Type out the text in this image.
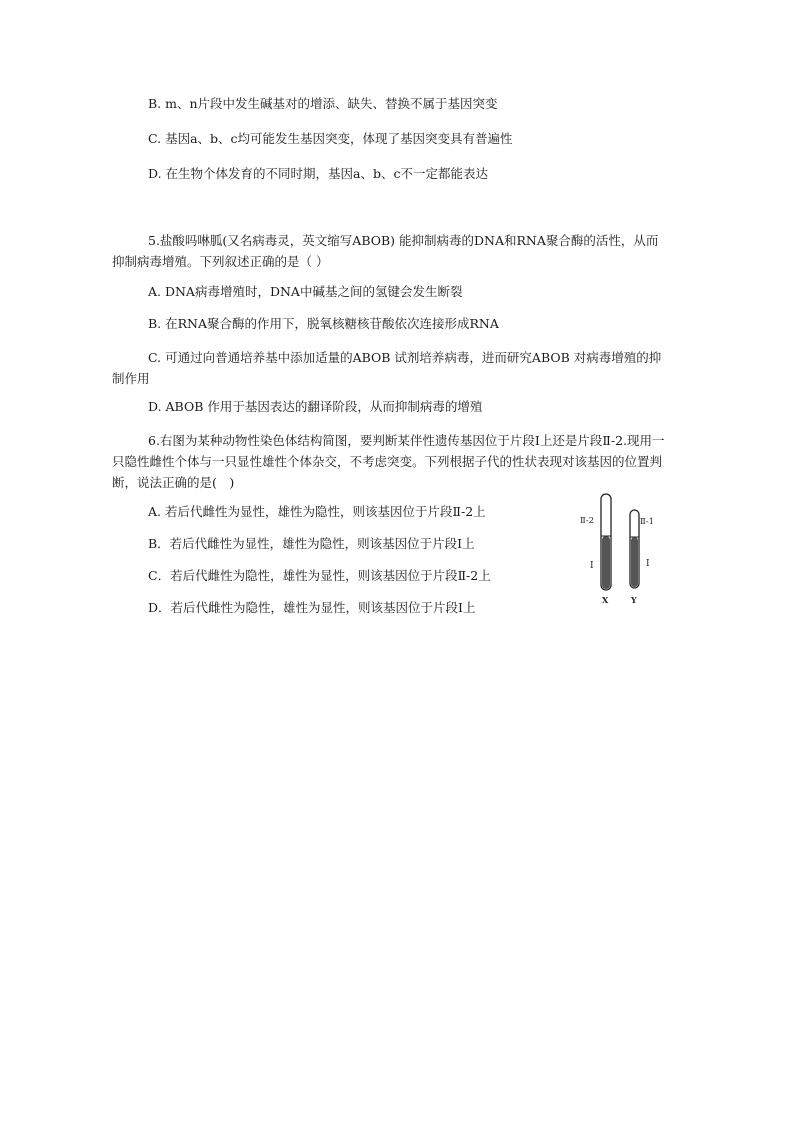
B. m、n片段中发生碱基对的增添、缺失、替换不属于基因突变
C. 基因a、b、c均可能发生基因突变，体现了基因突变具有普遍性
D. 在生物个体发育的不同时期，基因a、b、c不一定都能表达
5.盐酸吗啉胍(又名病毒灵，英文缩写ABOB) 能抑制病毒的DNA和RNA聚合酶的活性，从而抑制病毒增殖。下列叙述正确的是（ ）
A. DNA病毒增殖时，DNA中碱基之间的氢键会发生断裂
B. 在RNA聚合酶的作用下，脱氧核糖核苷酸依次连接形成RNA
C. 可通过向普通培养基中添加适量的ABOB 试剂培养病毒，进而研究ABOB 对病毒增殖的抑制作用
D. ABOB 作用于基因表达的翻译阶段，从而抑制病毒的增殖
6.右图为某种动物性染色体结构简图，要判断某伴性遗传基因位于片段Ⅰ上还是片段Ⅱ-2.现用一只隐性雌性个体与一只显性雄性个体杂交，不考虑突变。下列根据子代的性状表现对该基因的位置判断，说法正确的是(　)
A. 若后代雌性为显性，雄性为隐性，则该基因位于片段Ⅱ-2上
B．若后代雌性为显性，雄性为隐性，则该基因位于片段Ⅰ上
C．若后代雌性为隐性，雄性为显性，则该基因位于片段Ⅱ-2上
D．若后代雌性为隐性，雄性为显性，则该基因位于片段Ⅰ上
Ⅱ-2
Ⅰ
X
Ⅱ-1
Ⅰ
Y
